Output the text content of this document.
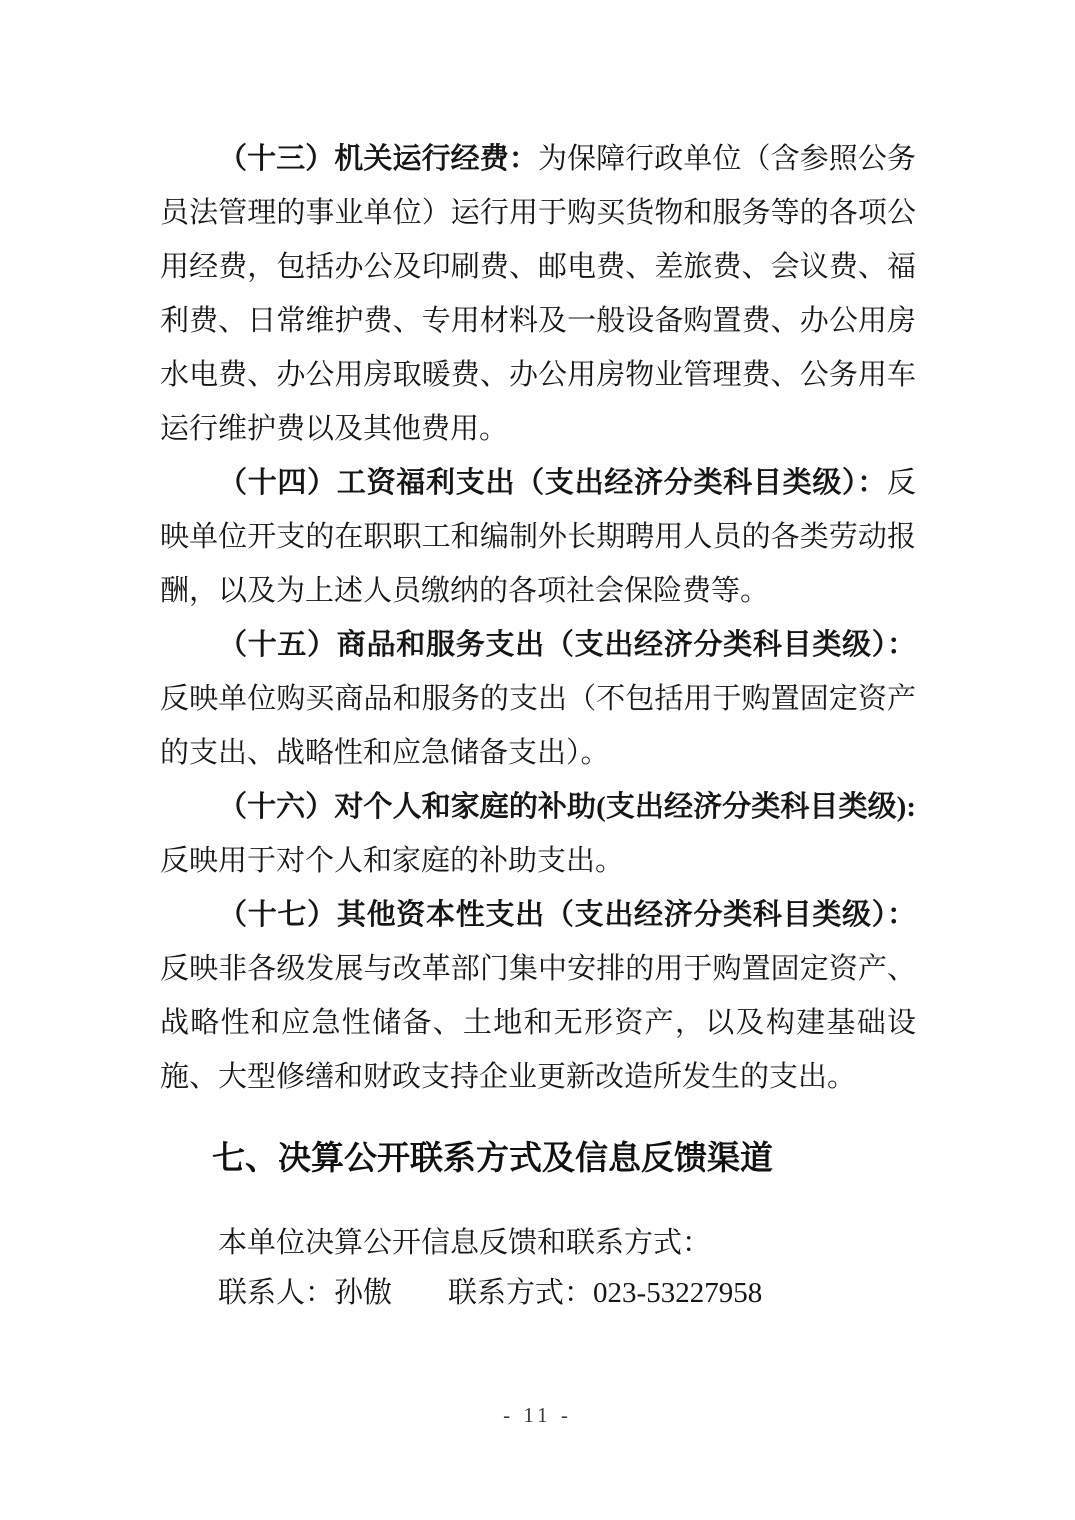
（十三）机关运行经费：为保障行政单位（含参照公务员法管理的事业单位）运行用于购买货物和服务等的各项公用经费，包括办公及印刷费、邮电费、差旅费、会议费、福利费、日常维护费、专用材料及一般设备购置费、办公用房水电费、办公用房取暖费、办公用房物业管理费、公务用车运行维护费以及其他费用。

（十四）工资福利支出（支出经济分类科目类级）：反映单位开支的在职职工和编制外长期聘用人员的各类劳动报酬，以及为上述人员缴纳的各项社会保险费等。

（十五）商品和服务支出（支出经济分类科目类级）：反映单位购买商品和服务的支出（不包括用于购置固定资产的支出、战略性和应急储备支出）。

（十六）对个人和家庭的补助(支出经济分类科目类级):反映用于对个人和家庭的补助支出。

（十七）其他资本性支出（支出经济分类科目类级）：反映非各级发展与改革部门集中安排的用于购置固定资产、战略性和应急性储备、土地和无形资产，以及构建基础设施、大型修缮和财政支持企业更新改造所发生的支出。

七、决算公开联系方式及信息反馈渠道

本单位决算公开信息反馈和联系方式：

联系人：孙傲 联系方式：023-53227958

- 11 -
